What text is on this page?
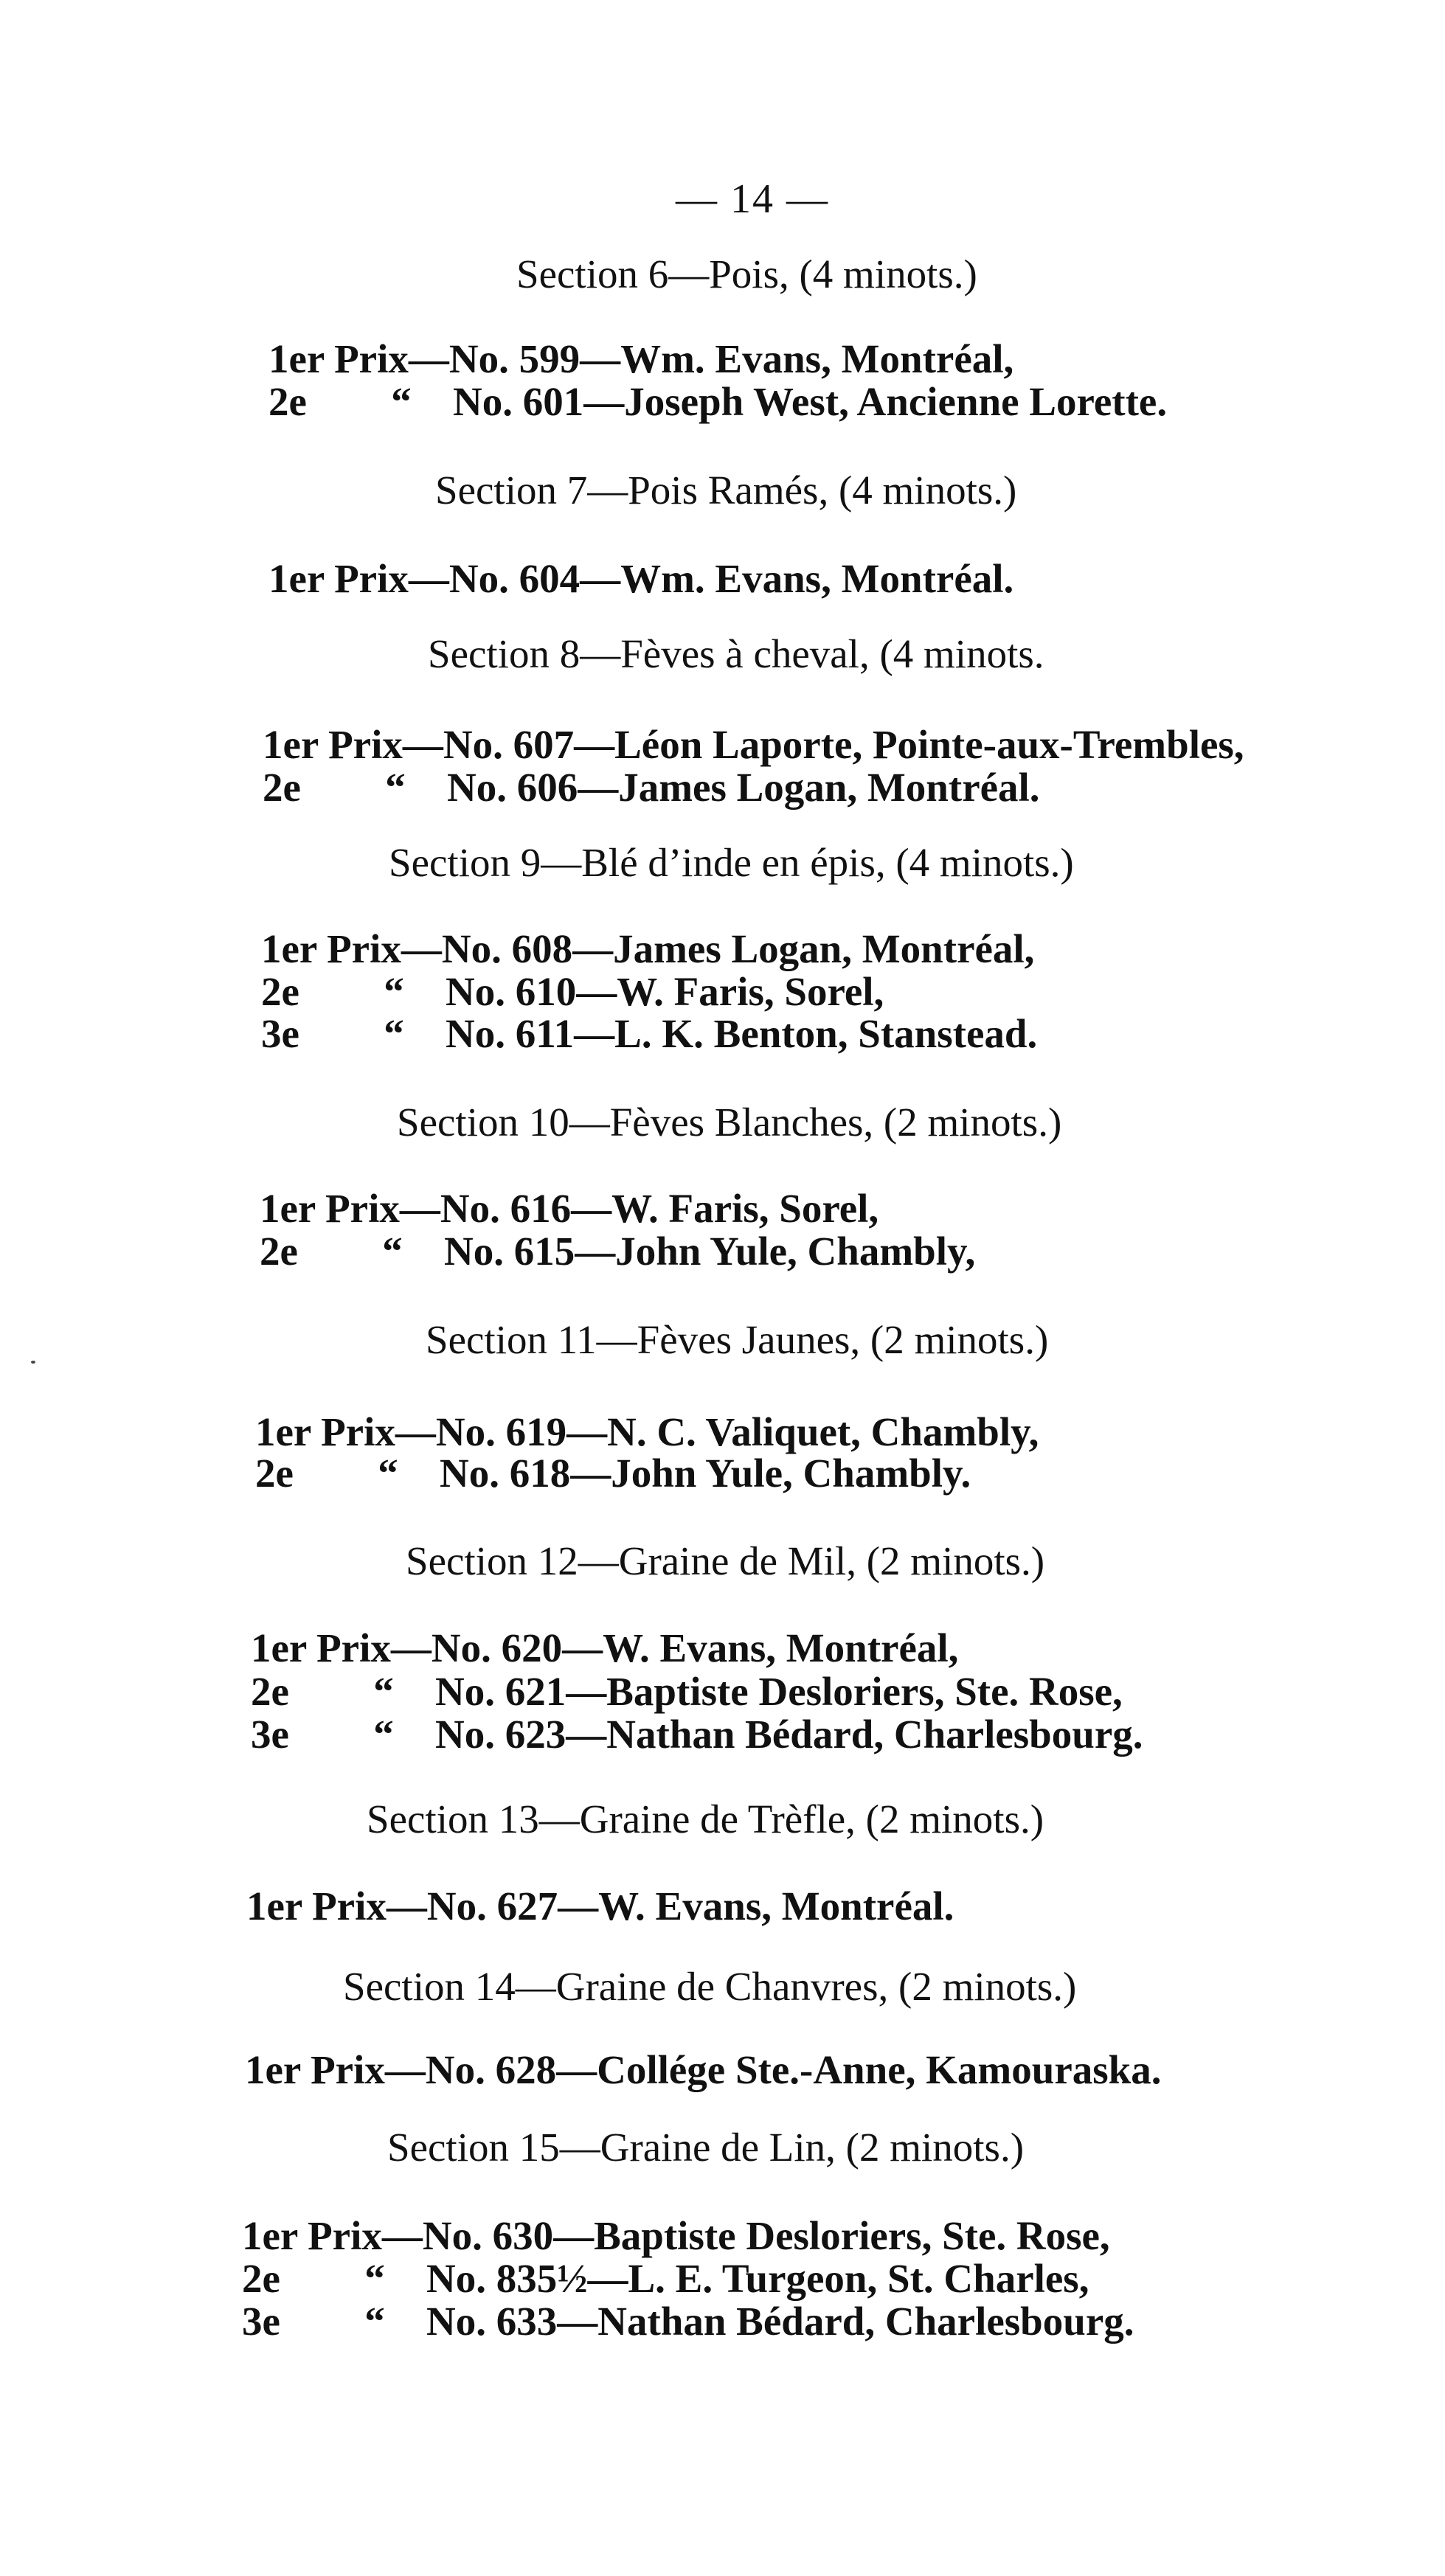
— 14 —
Section 6—Pois, (4 minots.)
1er Prix—No. 599—Wm. Evans, Montréal,
2e “ No. 601—Joseph West, Ancienne Lorette.
Section 7—Pois Ramés, (4 minots.)
1er Prix—No. 604—Wm. Evans, Montréal.
Section 8—Fèves à cheval, (4 minots.
1er Prix—No. 607—Léon Laporte, Pointe-aux-Trembles,
2e “ No. 606—James Logan, Montréal.
Section 9—Blé d’inde en épis, (4 minots.)
1er Prix—No. 608—James Logan, Montréal,
2e “ No. 610—W. Faris, Sorel,
3e “ No. 611—L. K. Benton, Stanstead.
Section 10—Fèves Blanches, (2 minots.)
1er Prix—No. 616—W. Faris, Sorel,
2e “ No. 615—John Yule, Chambly,
Section 11—Fèves Jaunes, (2 minots.)
1er Prix—No. 619—N. C. Valiquet, Chambly,
2e “ No. 618—John Yule, Chambly.
Section 12—Graine de Mil, (2 minots.)
1er Prix—No. 620—W. Evans, Montréal,
2e “ No. 621—Baptiste Desloriers, Ste. Rose,
3e “ No. 623—Nathan Bédard, Charlesbourg.
Section 13—Graine de Trèfle, (2 minots.)
1er Prix—No. 627—W. Evans, Montréal.
Section 14—Graine de Chanvres, (2 minots.)
1er Prix—No. 628—Collége Ste.-Anne, Kamouraska.
Section 15—Graine de Lin, (2 minots.)
1er Prix—No. 630—Baptiste Desloriers, Ste. Rose,
2e “ No. 835½—L. E. Turgeon, St. Charles,
3e “ No. 633—Nathan Bédard, Charlesbourg.
